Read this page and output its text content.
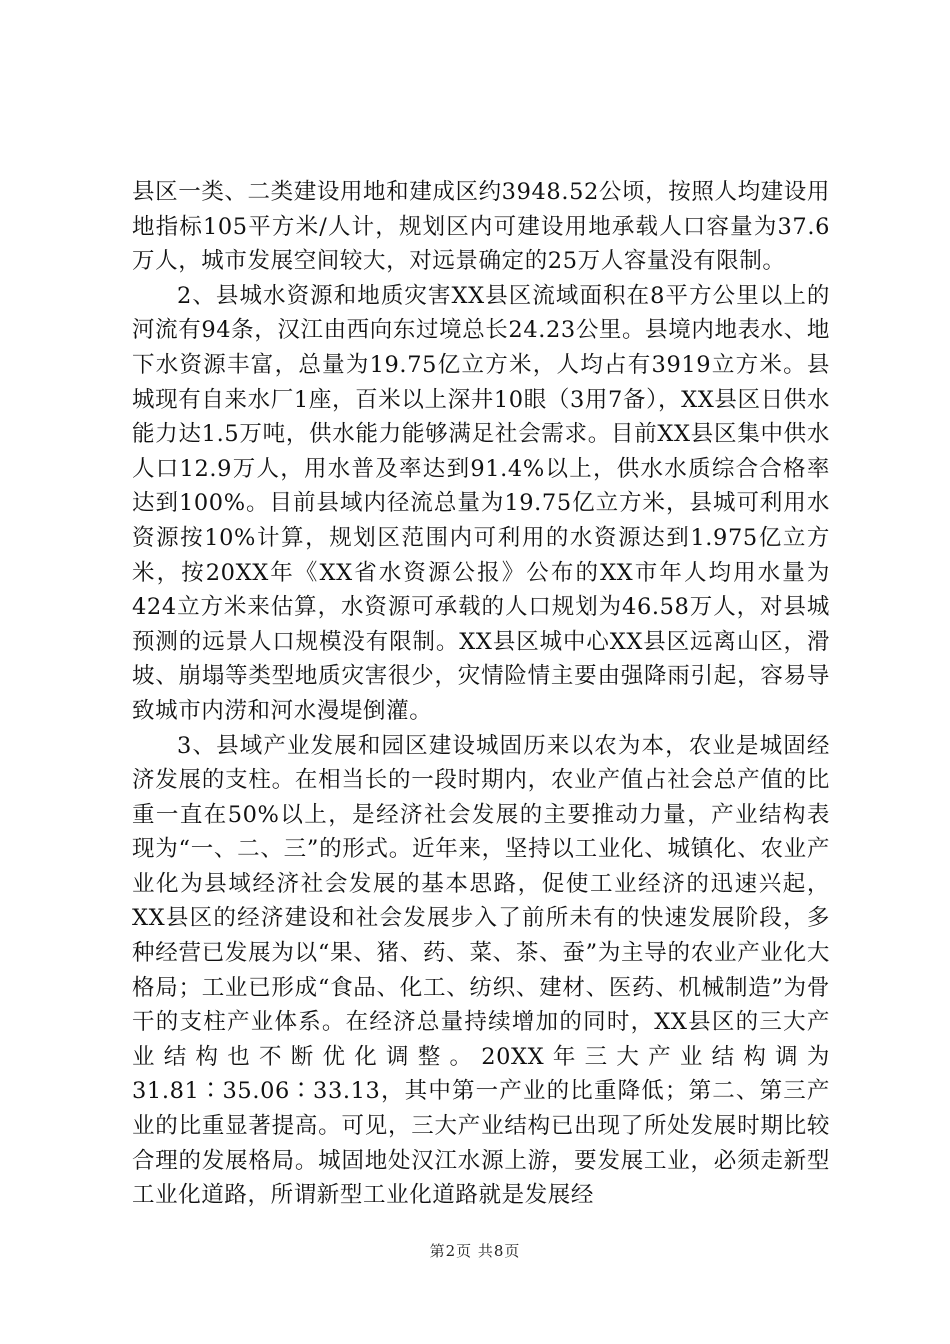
县区一类、二类建设用地和建成区约3948.52公顷，按照人均建设用地指标105平方米/人计，规划区内可建设用地承载人口容量为37.6万人，城市发展空间较大，对远景确定的25万人容量没有限制。

2、县城水资源和地质灾害XX县区流域面积在8平方公里以上的河流有94条，汉江由西向东过境总长24.23公里。县境内地表水、地下水资源丰富，总量为19.75亿立方米，人均占有3919立方米。县城现有自来水厂1座，百米以上深井10眼（3用7备），XX县区日供水能力达1.5万吨，供水能力能够满足社会需求。目前XX县区集中供水人口12.9万人，用水普及率达到91.4%以上，供水水质综合合格率达到100%。目前县域内径流总量为19.75亿立方米，县城可利用水资源按10%计算，规划区范围内可利用的水资源达到1.975亿立方米，按20XX年《XX省水资源公报》公布的XX市年人均用水量为424立方米来估算，水资源可承载的人口规划为46.58万人，对县城预测的远景人口规模没有限制。XX县区城中心XX县区远离山区，滑坡、崩塌等类型地质灾害很少，灾情险情主要由强降雨引起，容易导致城市内涝和河水漫堤倒灌。

3、县域产业发展和园区建设城固历来以农为本，农业是城固经济发展的支柱。在相当长的一段时期内，农业产值占社会总产值的比重一直在50%以上，是经济社会发展的主要推动力量，产业结构表现为“一、二、三”的形式。近年来，坚持以工业化、城镇化、农业产业化为县域经济社会发展的基本思路，促使工业经济的迅速兴起，XX县区的经济建设和社会发展步入了前所未有的快速发展阶段，多种经营已发展为以“果、猪、药、菜、茶、蚕”为主导的农业产业化大格局；工业已形成“食品、化工、纺织、建材、医药、机械制造”为骨干的支柱产业体系。在经济总量持续增加的同时，XX县区的三大产业结构也不断优化调整。20XX年三大产业结构调为31.81∶35.06∶33.13，其中第一产业的比重降低；第二、第三产业的比重显著提高。可见，三大产业结构已出现了所处发展时期比较合理的发展格局。城固地处汉江水源上游，要发展工业，必须走新型工业化道路，所谓新型工业化道路就是发展经

第2页 共8页
